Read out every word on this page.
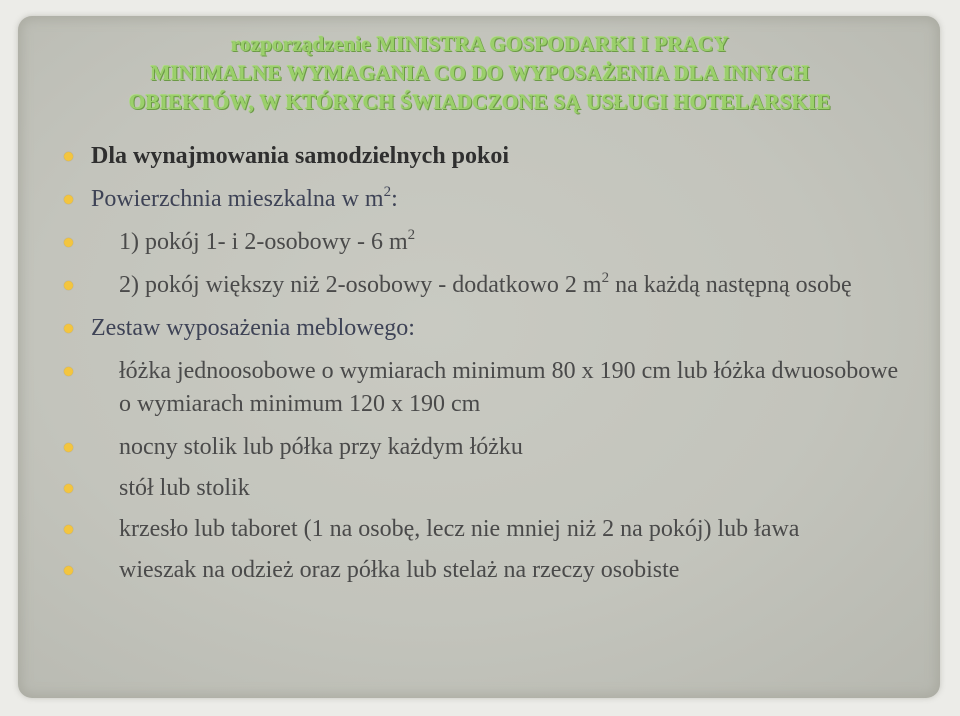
rozporządzenie MINISTRA GOSPODARKI I PRACY
MINIMALNE WYMAGANIA CO DO WYPOSAŻENIA DLA INNYCH
OBIEKTÓW, W KTÓRYCH ŚWIADCZONE SĄ USŁUGI HOTELARSKIE
Dla wynajmowania samodzielnych pokoi
Powierzchnia mieszkalna w $m^2$:
1) pokój 1- i 2-osobowy - 6 $m^2$
2) pokój większy niż 2-osobowy - dodatkowo 2 $m^2$ na każdą następną osobę
Zestaw wyposażenia meblowego:
łóżka jednoosobowe o wymiarach minimum 80 x 190 cm lub łóżka dwuosobowe o wymiarach minimum 120 x 190 cm
nocny stolik lub półka przy każdym łóżku
stół lub stolik
krzesło lub taboret (1 na osobę, lecz nie mniej niż 2 na pokój) lub ława
wieszak na odzież oraz półka lub stelaż na rzeczy osobiste
